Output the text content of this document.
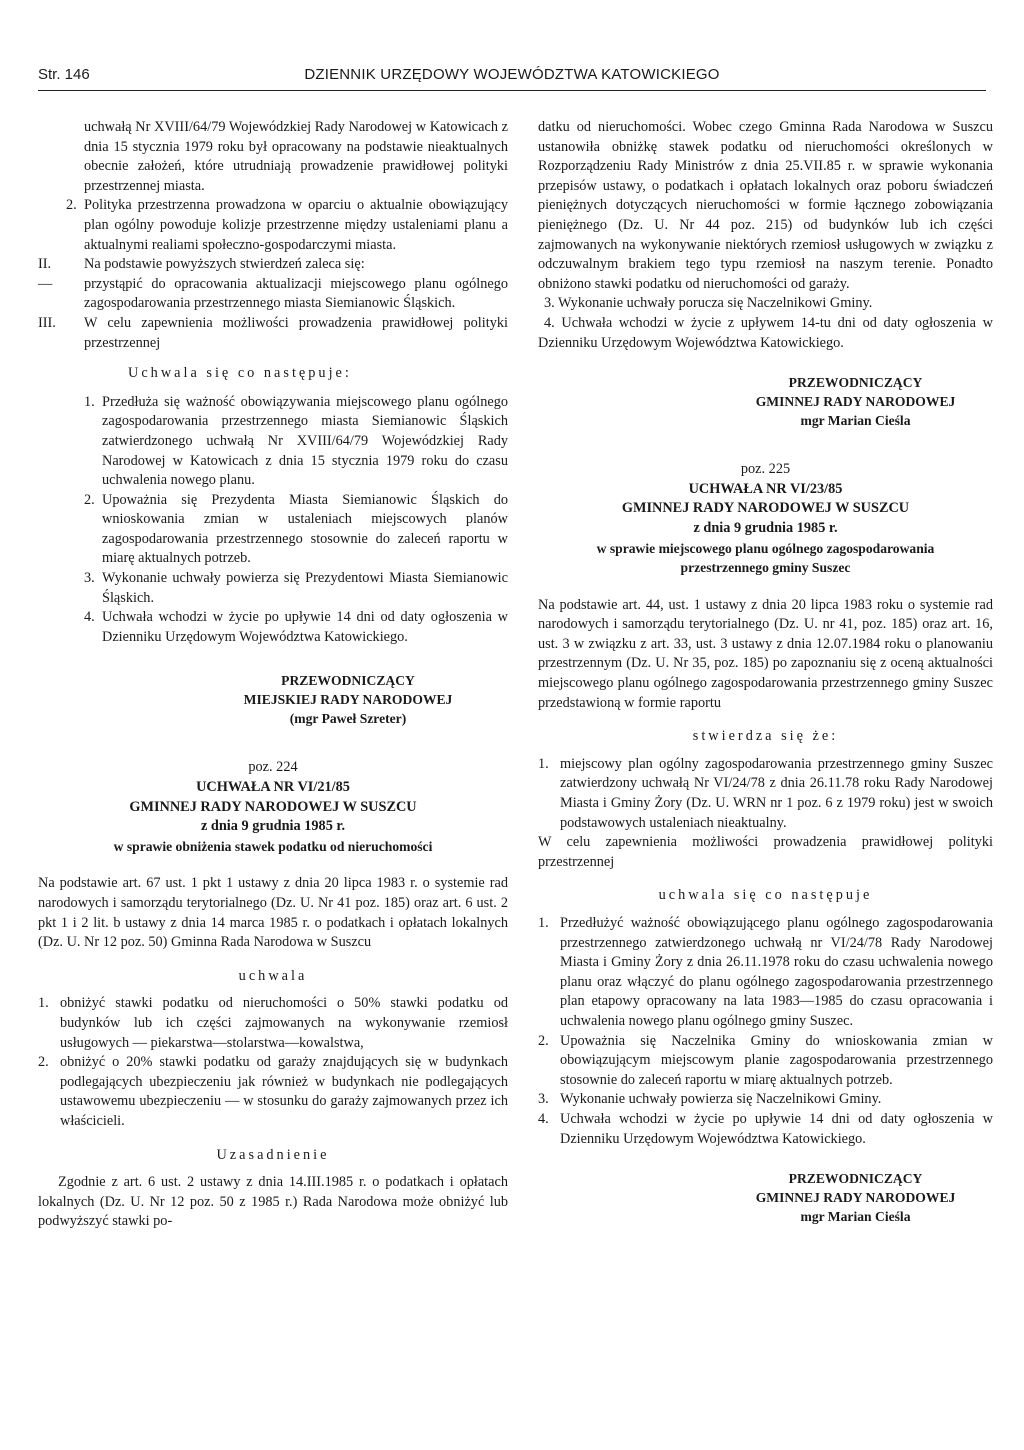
Str. 146	DZIENNIK URZĘDOWY WOJEWÓDZTWA KATOWICKIEGO
uchwałą Nr XVIII/64/79 Wojewódzkiej Rady Narodowej w Katowicach z dnia 15 stycznia 1979 roku był opracowany na podstawie nieaktualnych obecnie założeń, które utrudniają prowadzenie prawidłowej polityki przestrzennej miasta.
2. Polityka przestrzenna prowadzona w oparciu o aktualnie obowiązujący plan ogólny powoduje kolizje przestrzenne między ustaleniami planu a aktualnymi realiami społeczno-gospodarczymi miasta.
II.	Na podstawie powyższych stwierdzeń zaleca się:
—	przystąpić do opracowania aktualizacji miejscowego planu ogólnego zagospodarowania przestrzennego miasta Siemianowic Śląskich.
III.	W celu zapewnienia możliwości prowadzenia prawidłowej polityki przestrzennej
Uchwala się co następuje:
1. Przedłuża się ważność obowiązywania miejscowego planu ogólnego zagospodarowania przestrzennego miasta Siemianowic Śląskich zatwierdzonego uchwałą Nr XVIII/64/79 Wojewódzkiej Rady Narodowej w Katowicach z dnia 15 stycznia 1979 roku do czasu uchwalenia nowego planu.
2. Upoważnia się Prezydenta Miasta Siemianowic Śląskich do wnioskowania zmian w ustaleniach miejscowych planów zagospodarowania przestrzennego stosownie do zaleceń raportu w miarę aktualnych potrzeb.
3. Wykonanie uchwały powierza się Prezydentowi Miasta Siemianowic Śląskich.
4. Uchwała wchodzi w życie po upływie 14 dni od daty ogłoszenia w Dzienniku Urzędowym Województwa Katowickiego.
PRZEWODNICZĄCY
MIEJSKIEJ RADY NARODOWEJ
(mgr Paweł Szreter)
poz. 224
UCHWAŁA NR VI/21/85
GMINNEJ RADY NARODOWEJ W SUSZCU
z dnia 9 grudnia 1985 r.
w sprawie obniżenia stawek podatku od nieruchomości

Na podstawie art. 67 ust. 1 pkt 1 ustawy z dnia 20 lipca 1983 r. o systemie rad narodowych i samorządu terytorialnego (Dz. U. Nr 41 poz. 185) oraz art. 6 ust. 2 pkt 1 i 2 lit. b ustawy z dnia 14 marca 1985 r. o podatkach i opłatach lokalnych (Dz. U. Nr 12 poz. 50) Gminna Rada Narodowa w Suszcu

uchwala
1. obniżyć stawki podatku od nieruchomości o 50% stawki podatku od budynków lub ich części zajmowanych na wykonywanie rzemiosł usługowych — piekarstwa—stolarstwa—kowalstwa,
2. obniżyć o 20% stawki podatku od garaży znajdujących się w budynkach podlegających ubezpieczeniu jak również w budynkach nie podlegających ustawowemu ubezpieczeniu — w stosunku do garaży zajmowanych przez ich właścicieli.
Uzasadnienie

Zgodnie z art. 6 ust. 2 ustawy z dnia 14.III.1985 r. o podatkach i opłatach lokalnych (Dz. U. Nr 12 poz. 50 z 1985 r.) Rada Narodowa może obniżyć lub podwyższyć stawki po-

datku od nieruchomości. Wobec czego Gminna Rada Narodowa w Suszcu ustanowiła obniżkę stawek podatku od nieruchomości określonych w Rozporządzeniu Rady Ministrów z dnia 25.VII.85 r. w sprawie wykonania przepisów ustawy, o podatkach i opłatach lokalnych oraz poboru świadczeń pieniężnych dotyczących nieruchomości w formie łącznego zobowiązania pieniężnego (Dz. U. Nr 44 poz. 215) od budynków lub ich części zajmowanych na wykonywanie niektórych rzemiosł usługowych w związku z odczuwalnym brakiem tego typu rzemiosł na naszym terenie. Ponadto obniżono stawki podatku od nieruchomości od garaży.

3. Wykonanie uchwały porucza się Naczelnikowi Gminy.

4. Uchwała wchodzi w życie z upływem 14-tu dni od daty ogłoszenia w Dzienniku Urzędowym Województwa Katowickiego.

PRZEWODNICZĄCY
GMINNEJ RADY NARODOWEJ
mgr Marian Cieśla
poz. 225
UCHWAŁA NR VI/23/85
GMINNEJ RADY NARODOWEJ W SUSZCU
z dnia 9 grudnia 1985 r.
w sprawie miejscowego planu ogólnego zagospodarowania
przestrzennego gminy Suszec

Na podstawie art. 44, ust. 1 ustawy z dnia 20 lipca 1983 roku o systemie rad narodowych i samorządu terytorialnego (Dz. U. nr 41, poz. 185) oraz art. 16, ust. 3 w związku z art. 33, ust. 3 ustawy z dnia 12.07.1984 roku o planowaniu przestrzennym (Dz. U. Nr 35, poz. 185) po zapoznaniu się z oceną aktualności miejscowego planu ogólnego zagospodarowania przestrzennego gminy Suszec przedstawioną w formie raportu

stwierdza się że:
1. miejscowy plan ogólny zagospodarowania przestrzennego gminy Suszec zatwierdzony uchwałą Nr VI/24/78 z dnia 26.11.78 roku Rady Narodowej Miasta i Gminy Żory (Dz. U. WRN nr 1 poz. 6 z 1979 roku) jest w swoich podstawowych ustaleniach nieaktualny.

W celu zapewnienia możliwości prowadzenia prawidłowej polityki przestrzennej

uchwala się co następuje
1. Przedłużyć ważność obowiązującego planu ogólnego zagospodarowania przestrzennego zatwierdzonego uchwałą nr VI/24/78 Rady Narodowej Miasta i Gminy Żory z dnia 26.11.1978 roku do czasu uchwalenia nowego planu oraz włączyć do planu ogólnego zagospodarowania przestrzennego plan etapowy opracowany na lata 1983—1985 do czasu opracowania i uchwalenia nowego planu ogólnego gminy Suszec.
2. Upoważnia się Naczelnika Gminy do wnioskowania zmian w obowiązującym miejscowym planie zagospodarowania przestrzennego stosownie do zaleceń raportu w miarę aktualnych potrzeb.
3. Wykonanie uchwały powierza się Naczelnikowi Gminy.
4. Uchwała wchodzi w życie po upływie 14 dni od daty ogłoszenia w Dzienniku Urzędowym Województwa Katowickiego.
PRZEWODNICZĄCY
GMINNEJ RADY NARODOWEJ
mgr Marian Cieśla
